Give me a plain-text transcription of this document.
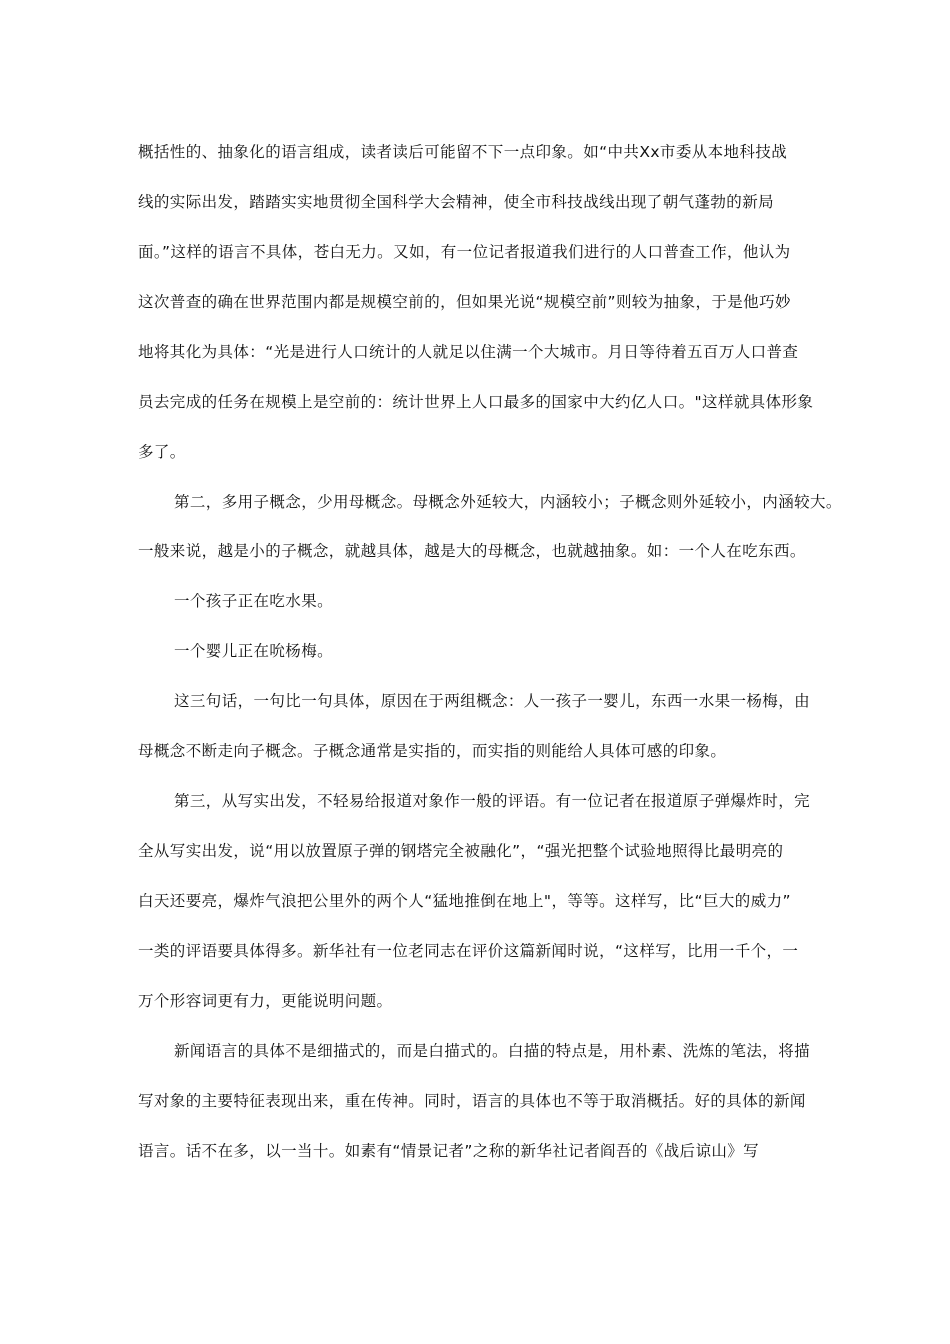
概括性的、抽象化的语言组成，读者读后可能留不下一点印象。如“中共Xx市委从本地科技战
线的实际出发，踏踏实实地贯彻全国科学大会精神，使全市科技战线出现了朝气蓬勃的新局
面。”这样的语言不具体，苍白无力。又如，有一位记者报道我们进行的人口普查工作，他认为
这次普查的确在世界范围内都是规模空前的，但如果光说“规模空前”则较为抽象，于是他巧妙
地将其化为具体：“光是进行人口统计的人就足以住满一个大城市。月日等待着五百万人口普查
员去完成的任务在规模上是空前的：统计世界上人口最多的国家中大约亿人口。"这样就具体形象
多了。
第二，多用子概念，少用母概念。母概念外延较大，内涵较小；子概念则外延较小，内涵较大。
一般来说，越是小的子概念，就越具体，越是大的母概念，也就越抽象。如：一个人在吃东西。
一个孩子正在吃水果。
一个婴儿正在吮杨梅。
这三句话，一句比一句具体，原因在于两组概念：人一孩子一婴儿，东西一水果一杨梅，由
母概念不断走向子概念。子概念通常是实指的，而实指的则能给人具体可感的印象。
第三，从写实出发，不轻易给报道对象作一般的评语。有一位记者在报道原子弹爆炸时，完
全从写实出发，说“用以放置原子弹的钢塔完全被融化”，“强光把整个试验地照得比最明亮的
白天还要亮，爆炸气浪把公里外的两个人“猛地推倒在地上"，等等。这样写，比“巨大的威力”
一类的评语要具体得多。新华社有一位老同志在评价这篇新闻时说，“这样写，比用一千个，一
万个形容词更有力，更能说明问题。
新闻语言的具体不是细描式的，而是白描式的。白描的特点是，用朴素、洗炼的笔法，将描
写对象的主要特征表现出来，重在传神。同时，语言的具体也不等于取消概括。好的具体的新闻
语言。话不在多，以一当十。如素有“情景记者”之称的新华社记者阎吾的《战后谅山》写
